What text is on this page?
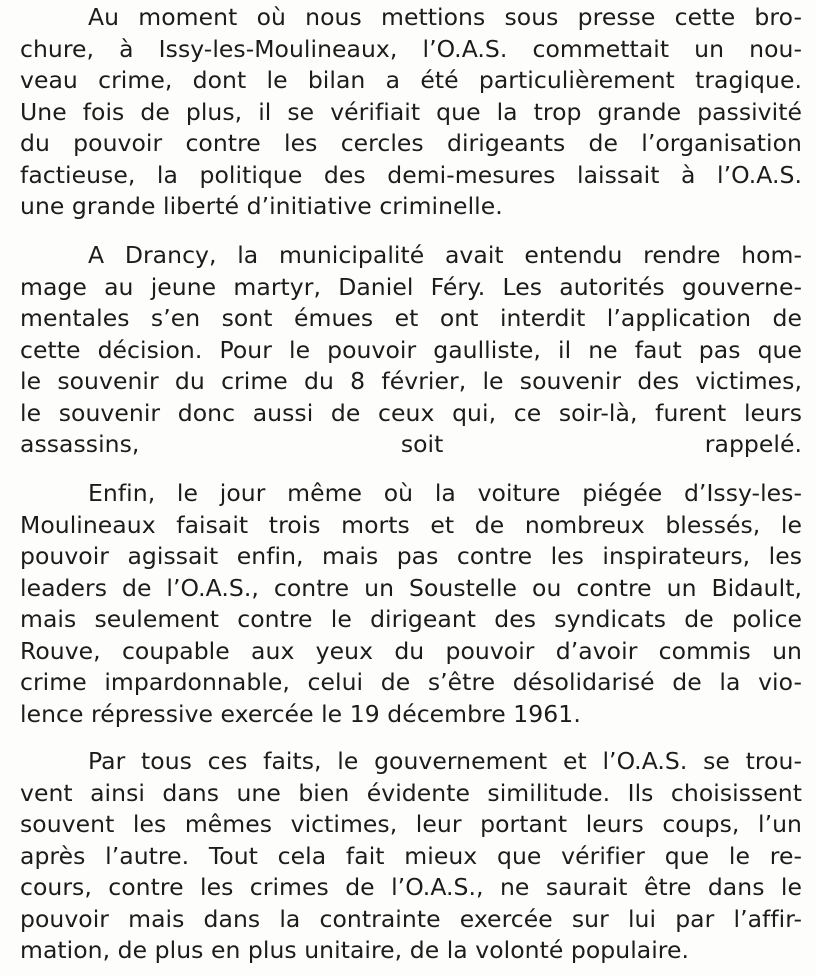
Au moment où nous mettions sous presse cette bro-
chure, à Issy-les-Moulineaux, l’O.A.S. commettait un nou-
veau crime, dont le bilan a été particulièrement tragique.
Une fois de plus, il se vérifiait que la trop grande passivité
du pouvoir contre les cercles dirigeants de l’organisation
factieuse, la politique des demi-mesures laissait à l’O.A.S.
une grande liberté d’initiative criminelle.
A Drancy, la municipalité avait entendu rendre hom-
mage au jeune martyr, Daniel Féry. Les autorités gouverne-
mentales s’en sont émues et ont interdit l’application de
cette décision. Pour le pouvoir gaulliste, il ne faut pas que
le souvenir du crime du 8 février, le souvenir des victimes,
le souvenir donc aussi de ceux qui, ce soir-là, furent leurs
assassins, soit rappelé.
Enfin, le jour même où la voiture piégée d’Issy-les-
Moulineaux faisait trois morts et de nombreux blessés, le
pouvoir agissait enfin, mais pas contre les inspirateurs, les
leaders de l’O.A.S., contre un Soustelle ou contre un Bidault,
mais seulement contre le dirigeant des syndicats de police
Rouve, coupable aux yeux du pouvoir d’avoir commis un
crime impardonnable, celui de s’être désolidarisé de la vio-
lence répressive exercée le 19 décembre 1961.
Par tous ces faits, le gouvernement et l’O.A.S. se trou-
vent ainsi dans une bien évidente similitude. Ils choisissent
souvent les mêmes victimes, leur portant leurs coups, l’un
après l’autre. Tout cela fait mieux que vérifier que le re-
cours, contre les crimes de l’O.A.S., ne saurait être dans le
pouvoir mais dans la contrainte exercée sur lui par l’affir-
mation, de plus en plus unitaire, de la volonté populaire.
